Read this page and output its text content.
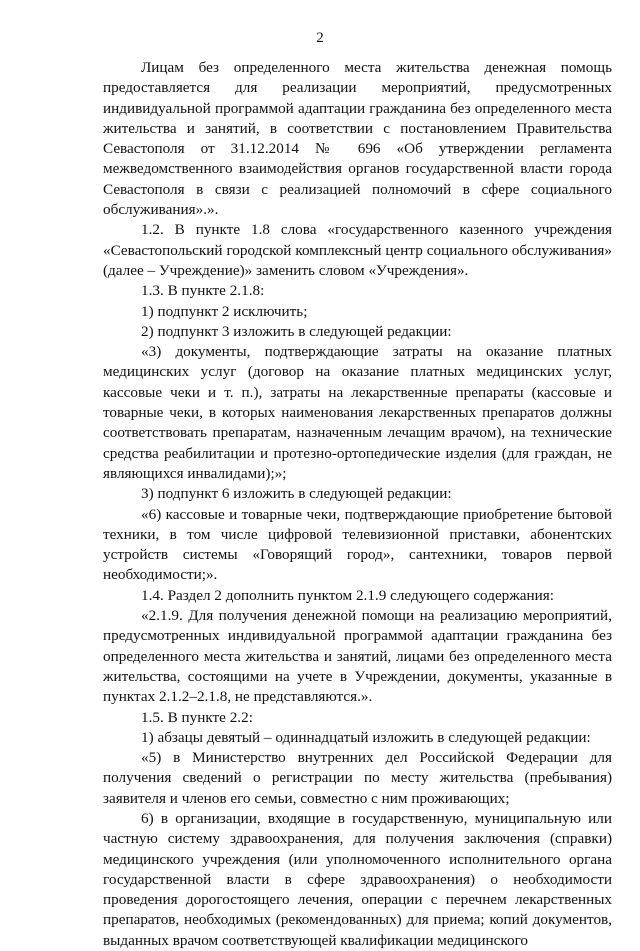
2

Лицам без определенного места жительства денежная помощь предоставляется для реализации мероприятий, предусмотренных индивидуальной программой адаптации гражданина без определенного места жительства и занятий, в соответствии с постановлением Правительства Севастополя от 31.12.2014 № 696 «Об утверждении регламента межведомственного взаимодействия органов государственной власти города Севастополя в связи с реализацией полномочий в сфере социального обслуживания».».

1.2. В пункте 1.8 слова «государственного казенного учреждения «Севастопольский городской комплексный центр социального обслуживания» (далее – Учреждение)» заменить словом «Учреждения».

1.3. В пункте 2.1.8:

1) подпункт 2 исключить;

2) подпункт 3 изложить в следующей редакции:

«3) документы, подтверждающие затраты на оказание платных медицинских услуг (договор на оказание платных медицинских услуг, кассовые чеки и т. п.), затраты на лекарственные препараты (кассовые и товарные чеки, в которых наименования лекарственных препаратов должны соответствовать препаратам, назначенным лечащим врачом), на технические средства реабилитации и протезно-ортопедические изделия (для граждан, не являющихся инвалидами);»;

3) подпункт 6 изложить в следующей редакции:

«6) кассовые и товарные чеки, подтверждающие приобретение бытовой техники, в том числе цифровой телевизионной приставки, абонентских устройств системы «Говорящий город», сантехники, товаров первой необходимости;».

1.4. Раздел 2 дополнить пунктом 2.1.9 следующего содержания:

«2.1.9. Для получения денежной помощи на реализацию мероприятий, предусмотренных индивидуальной программой адаптации гражданина без определенного места жительства и занятий, лицами без определенного места жительства, состоящими на учете в Учреждении, документы, указанные в пунктах 2.1.2–2.1.8, не представляются.».

1.5. В пункте 2.2:

1) абзацы девятый – одиннадцатый изложить в следующей редакции:

«5) в Министерство внутренних дел Российской Федерации для получения сведений о регистрации по месту жительства (пребывания) заявителя и членов его семьи, совместно с ним проживающих;

6) в организации, входящие в государственную, муниципальную или частную систему здравоохранения, для получения заключения (справки) медицинского учреждения (или уполномоченного исполнительного органа государственной власти в сфере здравоохранения) о необходимости проведения дорогостоящего лечения, операции с перечнем лекарственных препаратов, необходимых (рекомендованных) для приема; копий документов, выданных врачом соответствующей квалификации медицинского
